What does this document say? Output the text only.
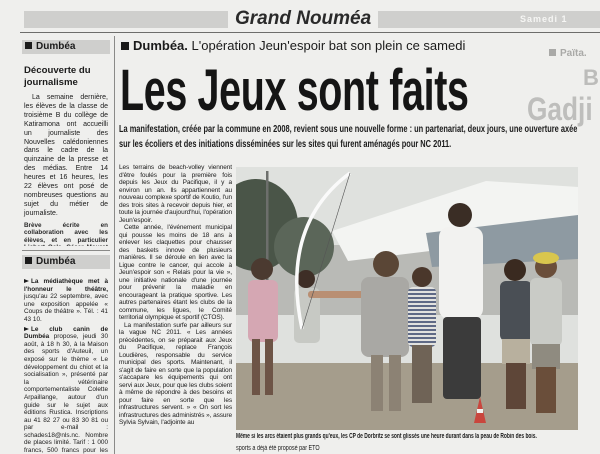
Grand Nouméa	Samedi 1
Dumbéa
Découverte du journalisme
La semaine dernière, les élèves de la classe de troisième B du collège de Katiramona ont accueilli un journaliste des Nouvelles calédoniennes dans le cadre de la quinzaine de la presse et des médias. Entre 14 heures et 16 heures, les 22 élèves ont posé de nombreuses questions au sujet du métier de journaliste.
Brève écrite en collaboration avec les élèves, et en particulier
Dumbéa
La médiathèque met à l'honneur le théâtre, jusqu'au 22 septembre, avec une exposition appelée « Coups de théâtre ». Tél. : 41 43 10.
Le club canin de Dumbéa propose, jeudi 30 août, à 18 h 30, à la Maison des sports d'Auteuil, un exposé sur le thème « Le développement du chiot et la socialisation », présenté par la vétérinaire comportementaliste Colette Arpaillange, autour d'un guide sur le sujet aux éditions Rustica. Inscriptions au 41 82 27 ou 83 30 81 ou par e-mail : schades18@nls.nc. Nombre de places limité. Tarif : 1 000 francs, 500 francs pour les
Dumbéa. L'opération Jeun'espoir bat son plein ce samedi
Les Jeux sont faits
La manifestation, créée par la commune en 2008, revient sous une nouvelle forme : un partenariat, deux jours, une ouverture axée sur les écoliers et des initiations disséminées sur les sites qui furent aménagés pour NC 2011.

Les terrains de beach-volley viennent d'être foulés pour la première fois depuis les Jeux du Pacifique, il y a environ un an. Ils appartiennent au nouveau complexe sportif de Koutio, l'un des trois sites à recevoir depuis hier, et toute la journée d'aujourd'hui, l'opération Jeun'espoir.

Cette année, l'événement municipal qui pousse les moins de 18 ans à enlever les claquettes pour chausser des baskets innove de plusieurs manières. Il se déroule en lien avec la Ligue contre le cancer, qui accole à Jeun'espoir son « Relais pour la vie », une initiative nationale d'une journée pour prévenir la maladie en encourageant la pratique sportive. Les autres partenaires étant les clubs de la commune, les ligues, le Comité territorial olympique et sportif (CTOS).

La manifestation surfe par ailleurs sur la vague NC 2011. « Les années précédentes, on se préparait aux Jeux du Pacifique, replace François Loudières, responsable du service municipal des sports. Maintenant, il s'agit de faire en sorte que la population s'accapare les équipements qui ont servi aux Jeux, pour que les clubs soient à même de répondre à des besoins et pour faire en sorte que les infrastructures servent. » « On sort les infrastructures des administrés », assure Sylvia Sylvain, l'adjointe au

Même si les arcs étaient plus grands qu'eux, les CP de Dorbritz se sont glissés une heure durant dans la peau de Robin des bois.
sports a déjà été proposé par ETO
Païta.
B
Gadji
